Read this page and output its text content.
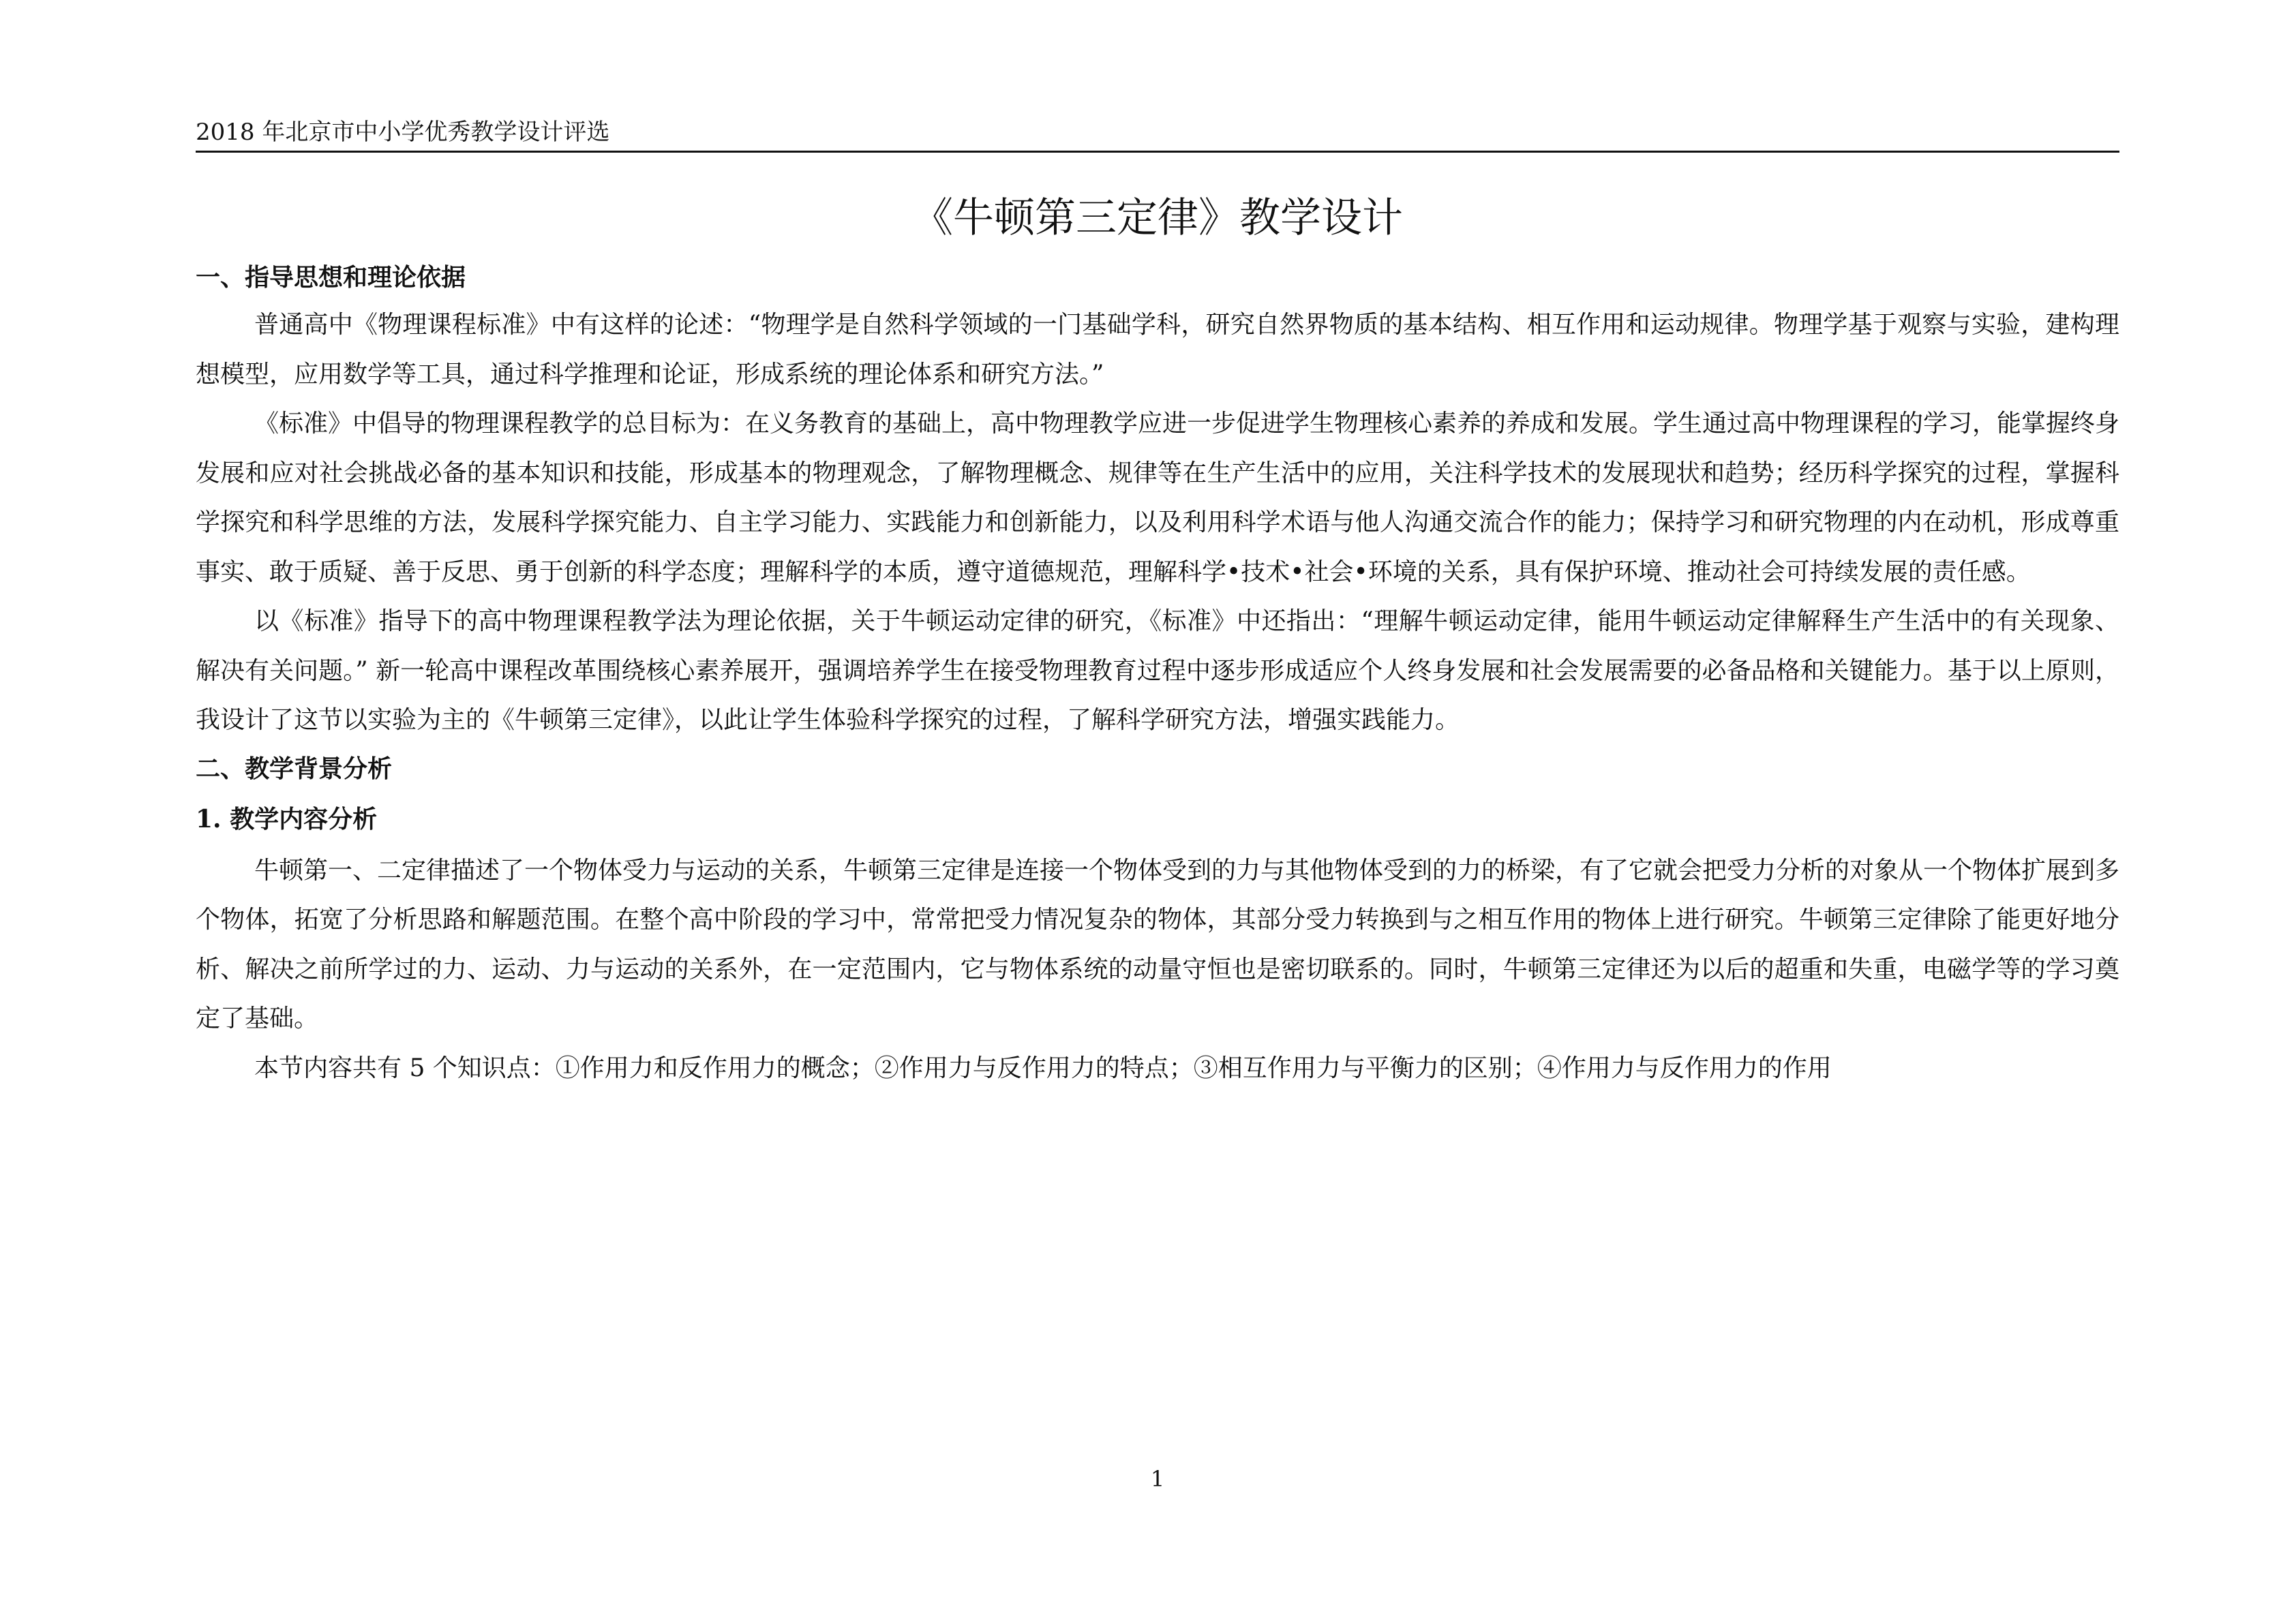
2018 年北京市中小学优秀教学设计评选
《牛顿第三定律》教学设计
一、指导思想和理论依据

普通高中《物理课程标准》中有这样的论述：“物理学是自然科学领域的一门基础学科，研究自然界物质的基本结构、相互作用和运动规律。物理学基于观察与实验，建构理想模型，应用数学等工具，通过科学推理和论证，形成系统的理论体系和研究方法。”

《标准》中倡导的物理课程教学的总目标为：在义务教育的基础上，高中物理教学应进一步促进学生物理核心素养的养成和发展。学生通过高中物理课程的学习，能掌握终身发展和应对社会挑战必备的基本知识和技能，形成基本的物理观念，了解物理概念、规律等在生产生活中的应用，关注科学技术的发展现状和趋势；经历科学探究的过程，掌握科学探究和科学思维的方法，发展科学探究能力、自主学习能力、实践能力和创新能力，以及利用科学术语与他人沟通交流合作的能力；保持学习和研究物理的内在动机，形成尊重事实、敢于质疑、善于反思、勇于创新的科学态度；理解科学的本质，遵守道德规范，理解科学•技术•社会•环境的关系，具有保护环境、推动社会可持续发展的责任感。

以《标准》指导下的高中物理课程教学法为理论依据，关于牛顿运动定律的研究，《标准》中还指出：“理解牛顿运动定律，能用牛顿运动定律解释生产生活中的有关现象、解决有关问题。” 新一轮高中课程改革围绕核心素养展开，强调培养学生在接受物理教育过程中逐步形成适应个人终身发展和社会发展需要的必备品格和关键能力。基于以上原则，我设计了这节以实验为主的《牛顿第三定律》，以此让学生体验科学探究的过程，了解科学研究方法，增强实践能力。

二、教学背景分析
1. 教学内容分析

牛顿第一、二定律描述了一个物体受力与运动的关系，牛顿第三定律是连接一个物体受到的力与其他物体受到的力的桥梁，有了它就会把受力分析的对象从一个物体扩展到多个物体，拓宽了分析思路和解题范围。在整个高中阶段的学习中，常常把受力情况复杂的物体，其部分受力转换到与之相互作用的物体上进行研究。牛顿第三定律除了能更好地分析、解决之前所学过的力、运动、力与运动的关系外，在一定范围内，它与物体系统的动量守恒也是密切联系的。同时，牛顿第三定律还为以后的超重和失重，电磁学等的学习奠定了基础。

本节内容共有 5 个知识点：①作用力和反作用力的概念；②作用力与反作用力的特点；③相互作用力与平衡力的区别；④作用力与反作用力的作用

1
